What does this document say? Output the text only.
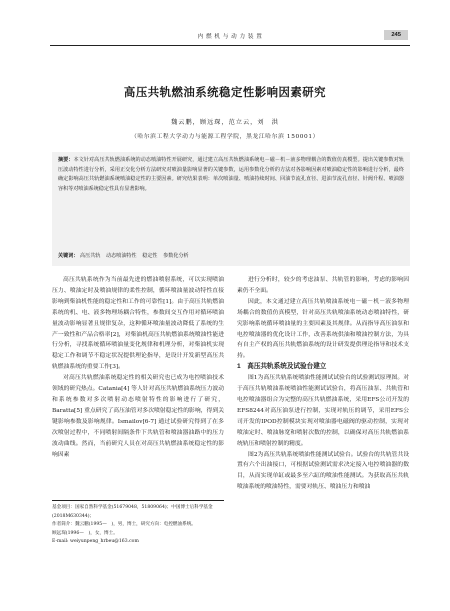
内 燃 机 与 动 力 装 置	245
高压共轨燃油系统稳定性影响因素研究
魏云鹏，顾远琛，范立云，刘　洪
（哈尔滨工程大学动力与能源工程学院，黑龙江哈尔滨 150001）
摘要：本文针对高压共轨燃油系统的动态喷油特性开展研究，通过建立高压共轨燃油系统电－磁－机－液多物理耦合的数值仿真模型。提出关键参数对轨压波动特性进行分析，采用正交化分析方法研究对喷油量影响显著的关键参数，运用参数化分析的方法对各影响因素对喷油稳定性的影响进行分析，最终确定影响高压共轨燃油系统喷油稳定性的主要因素。研究结果表明：单次喷油量、喷油持续时间、回油节流孔直径、进油节流孔直径、针阀升程、喷油器容积等对喷油系统稳定性具有显著影响。
关键词： 高压共轨 动态喷油特性 稳定性 参数化分析

高压共轨系统作为当前最先进的燃油喷射系统，可以实现喷油压力、喷油定时及喷油规律的柔性控制，循环喷油量波动特性直接影响到柴油机性能的稳定性和工作的可靠性[1]。由于高压共轨燃油系统的机、电、液多物理场耦合特性，参数间交互作用对循环喷油量波动影响显著且规律复杂，这种循环喷油量波动降低了系统的生产一致性和产品合格率[2]，对柴油机高压共轨燃油系统喷油性能进行分析，寻找系统循环喷油量变化规律和机理分析，对柴油机实现稳定工作和调节不稳定状况提供理论指导，是设计开发新型高压共轨燃油系统的重要工作[3]。

对高压共轨燃油系统稳定性的相关研究也已成为电控喷油技术领域的研究热点。Catania[4] 等人针对高压共轨燃油系统压力波动和系统参数对多次喷射动态喷射特性的影响进行了研究，Baratta[5] 重点研究了高压油管对多次喷射稳定性的影响，得到关键影响参数及影响规律。Ismailov[6-7] 通过试验研究得到了在多次喷射过程中，不同喷射间隔条件下共轨管和喷油器油路中的压力波动曲线。然而，当前研究人员在对高压共轨燃油系统稳定性的影响因素

进行分析时，较少的考虑油泵、共轨管的影响，考虑的影响因素仍不全面。

因此，本文通过建立高压共轨喷油系统电－磁－机－液多物理场耦合的数值仿真模型，针对高压共轨喷油系统动态喷油特性，研究影响系统循环喷油量的主要因素及其规律。从而指导高压油泵和电控喷油器的优化设计工作，改善系统供油和喷油控制方法，为具有自主产权的高压共轨燃油系统的设计研发提供理论指导和技术支持。

1　高压共轨系统及试验台建立

图1为高压共轨系统喷油性能测试试验台的试验测试原理图。对于高压共轨喷油系统喷油性能测试试验台，将高压油泵、共轨管和电控喷油器组合为完整的高压共轨燃油系统，采用EFS公司开发的EFS8244对高压油泵进行控制，实现对轨压的调节，采用EFS公司开发的IPOD控制模块实现对喷油器电磁阀的驱动控制，实现对喷油定时、喷油脉宽和喷射次数的控制，以确保对高压共轨燃油系统轨压和喷射控制的精度。

图2为高压共轨系统喷油性能测试试验台。试验台的共轨管共设置有六个出油接口，可根据试验测试需求决定接入电控喷油器的数目，从而实现单缸或最多至六缸的喷油性能测试。为获取高压共轨喷油系统的喷油特性，需要对轨压、喷油压力和喷油

基金项目：国家自然科学基金(51679048，51809064)；中国博士后科学基金(2018M630344)；
作者简介：魏云鹏(1995—　)，男，博士，研究方向：电控燃油系统。
顾远琛(1996—　)，女，博士。
E-mail: weiyunpeng_hrbeu@163.com
